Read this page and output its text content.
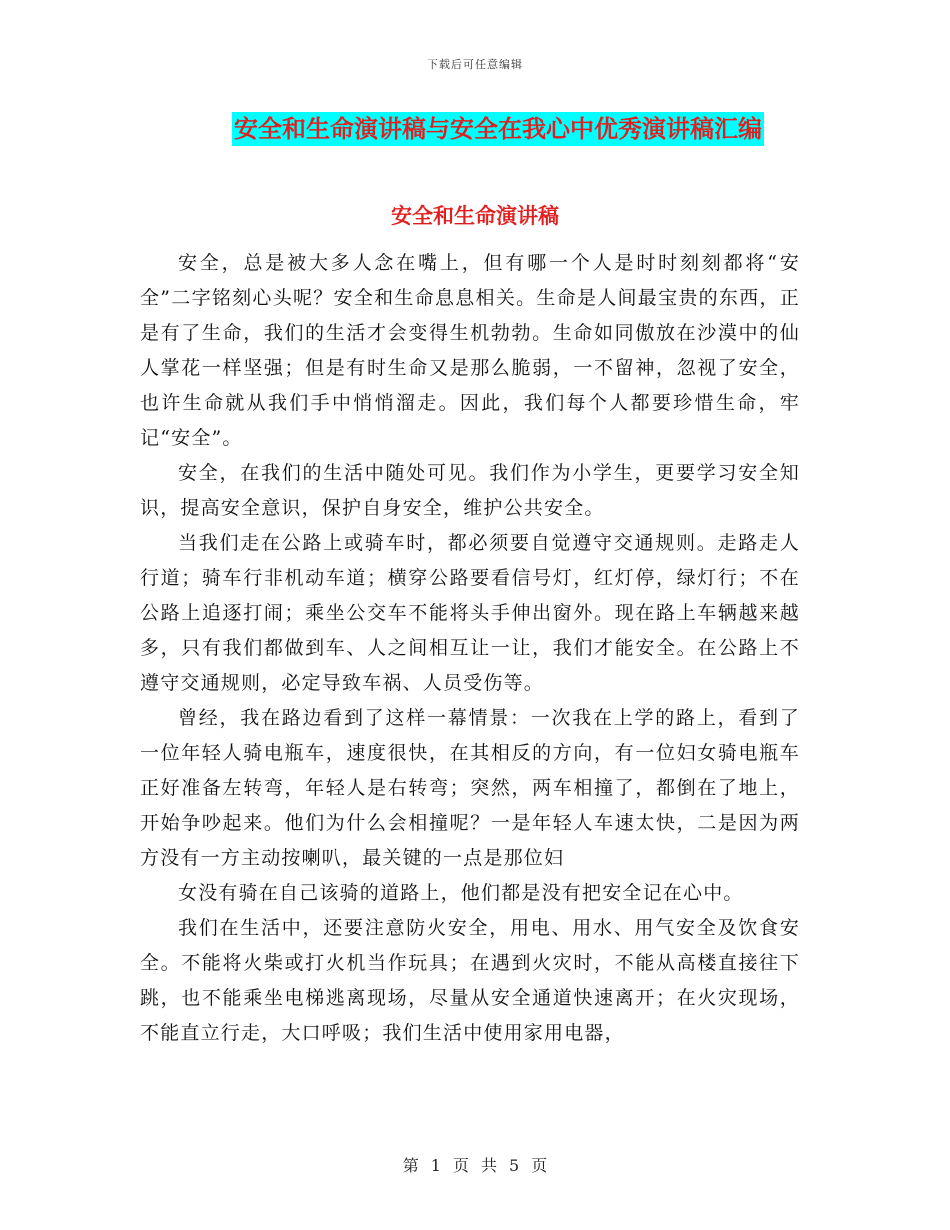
下载后可任意编辑
安全和生命演讲稿与安全在我心中优秀演讲稿汇编
安全和生命演讲稿

安全，总是被大多人念在嘴上，但有哪一个人是时时刻刻都将“安全”二字铭刻心头呢？安全和生命息息相关。生命是人间最宝贵的东西，正是有了生命，我们的生活才会变得生机勃勃。生命如同傲放在沙漠中的仙人掌花一样坚强；但是有时生命又是那么脆弱，一不留神，忽视了安全，也许生命就从我们手中悄悄溜走。因此，我们每个人都要珍惜生命，牢记“安全”。

安全，在我们的生活中随处可见。我们作为小学生，更要学习安全知识，提高安全意识，保护自身安全，维护公共安全。

当我们走在公路上或骑车时，都必须要自觉遵守交通规则。走路走人行道；骑车行非机动车道；横穿公路要看信号灯，红灯停，绿灯行；不在公路上追逐打闹；乘坐公交车不能将头手伸出窗外。现在路上车辆越来越多，只有我们都做到车、人之间相互让一让，我们才能安全。在公路上不遵守交通规则，必定导致车祸、人员受伤等。

曾经，我在路边看到了这样一幕情景：一次我在上学的路上，看到了一位年轻人骑电瓶车，速度很快，在其相反的方向，有一位妇女骑电瓶车正好准备左转弯，年轻人是右转弯；突然，两车相撞了，都倒在了地上，开始争吵起来。他们为什么会相撞呢？一是年轻人车速太快，二是因为两方没有一方主动按喇叭，最关键的一点是那位妇

女没有骑在自己该骑的道路上，他们都是没有把安全记在心中。

我们在生活中，还要注意防火安全，用电、用水、用气安全及饮食安全。不能将火柴或打火机当作玩具；在遇到火灾时，不能从高楼直接往下跳，也不能乘坐电梯逃离现场，尽量从安全通道快速离开；在火灾现场，不能直立行走，大口呼吸；我们生活中使用家用电器，

第 1 页 共 5 页
